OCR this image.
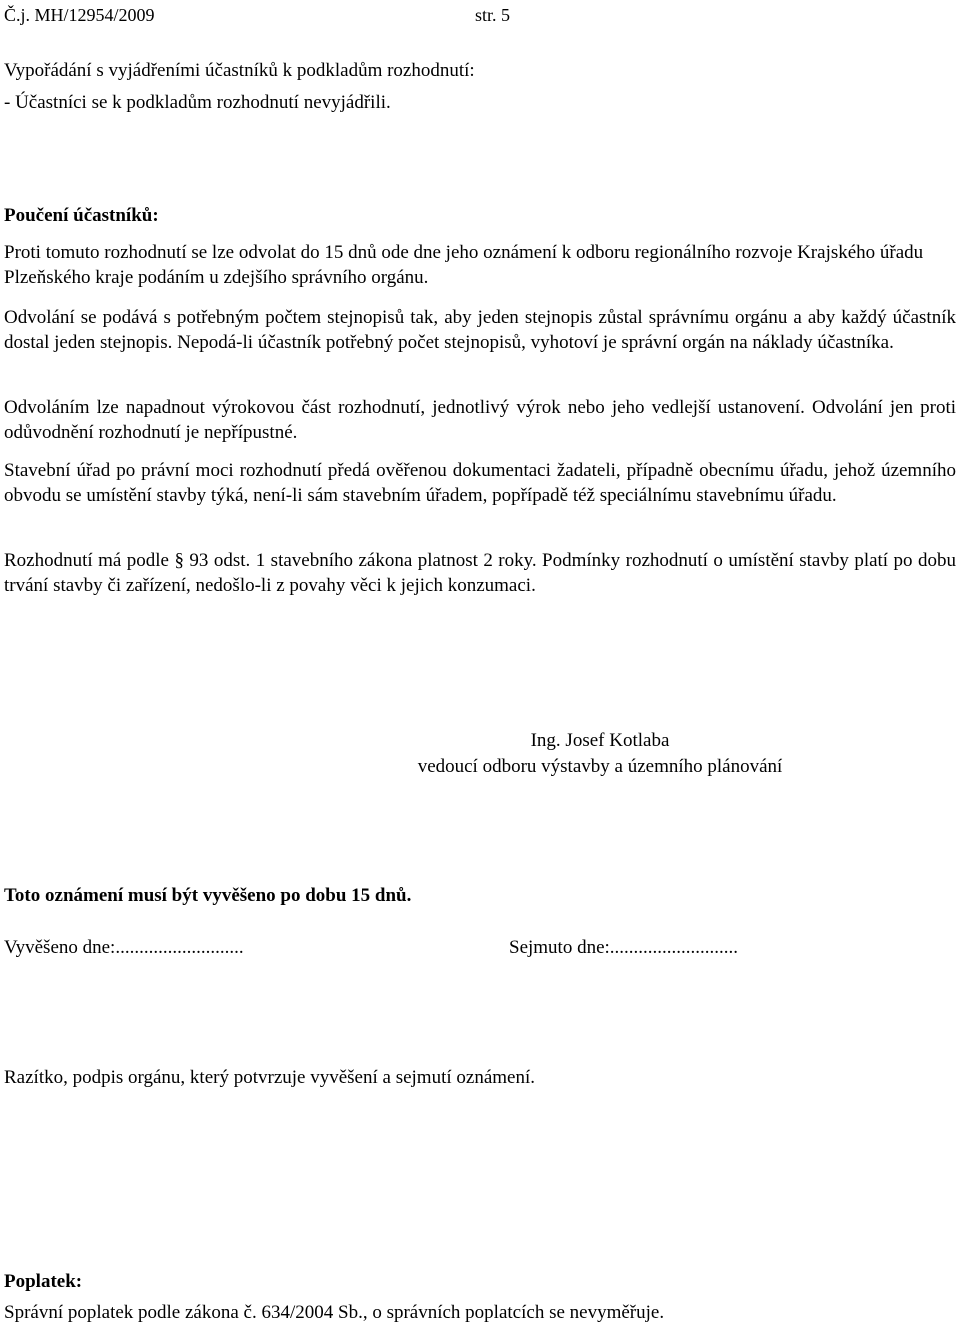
Č.j. MH/12954/2009	str. 5
Vypořádání s vyjádřeními účastníků k podkladům rozhodnutí:
- Účastníci se k podkladům rozhodnutí nevyjádřili.
Poučení účastníků:
Proti tomuto rozhodnutí se lze odvolat do 15 dnů ode dne jeho oznámení k odboru regionálního rozvoje Krajského úřadu Plzeňského kraje podáním u zdejšího správního orgánu.
Odvolání se podává s potřebným počtem stejnopisů tak, aby jeden stejnopis zůstal správnímu orgánu a aby každý účastník dostal jeden stejnopis. Nepodá-li účastník potřebný počet stejnopisů, vyhotoví je správní orgán na náklady účastníka.
Odvoláním lze napadnout výrokovou část rozhodnutí, jednotlivý výrok nebo jeho vedlejší ustanovení. Odvolání jen proti odůvodnění rozhodnutí je nepřípustné.
Stavební úřad po právní moci rozhodnutí předá ověřenou dokumentaci žadateli, případně obecnímu úřadu, jehož územního obvodu se umístění stavby týká, není-li sám stavebním úřadem, popřípadě též speciálnímu stavebnímu úřadu.
Rozhodnutí má podle § 93 odst. 1 stavebního zákona platnost 2 roky. Podmínky rozhodnutí o umístění stavby platí po dobu trvání stavby či zařízení, nedošlo-li z povahy věci k jejich konzumaci.
Ing. Josef Kotlaba
vedoucí odboru výstavby a územního plánování
Toto oznámení musí být vyvěšeno po dobu 15 dnů.
Vyvěšeno dne:...........................	Sejmuto dne:...........................
Razítko, podpis orgánu, který potvrzuje vyvěšení a sejmutí oznámení.
Poplatek:
Správní poplatek podle zákona č. 634/2004 Sb., o správních poplatcích se nevyměřuje.
